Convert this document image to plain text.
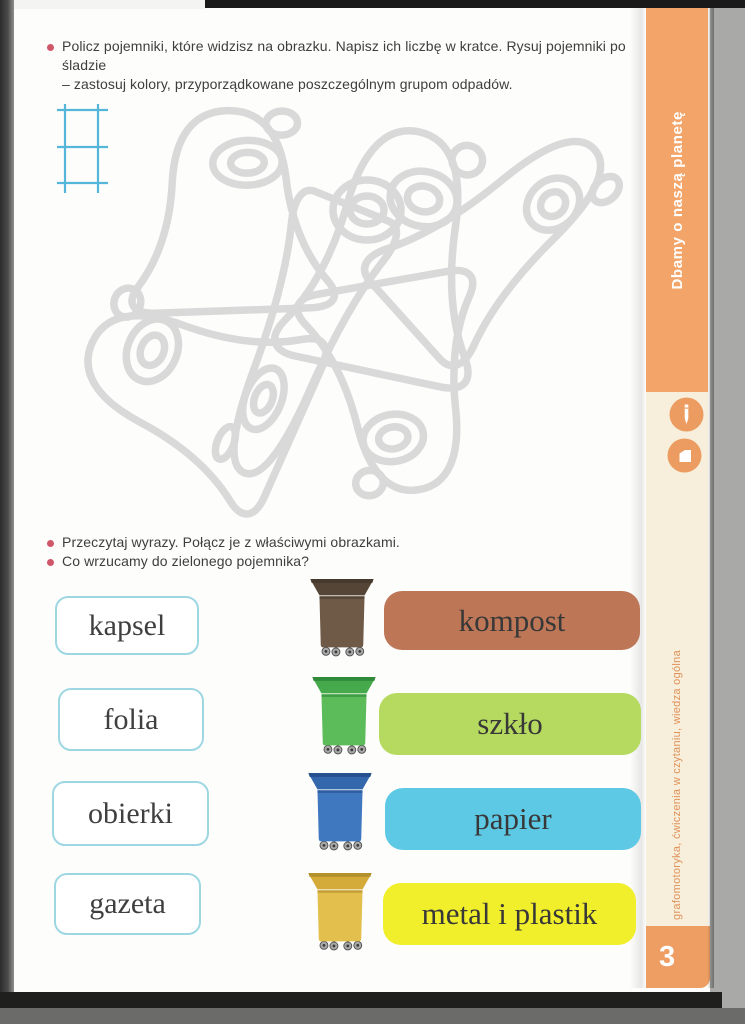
Policz pojemniki, które widzisz na obrazku. Napisz ich liczbę w kratce. Rysuj pojemniki po śladzie
– zastosuj kolory, przyporządkowane poszczególnym grupom odpadów.
Przeczytaj wyrazy. Połącz je z właściwymi obrazkami.
Co wrzucamy do zielonego pojemnika?
kapsel
folia
obierki
gazeta
kompost
szkło
papier
metal i plastik
Dbamy o naszą planetę
grafomotoryka, ćwiczenia w czytaniu, wiedza ogólna
3
